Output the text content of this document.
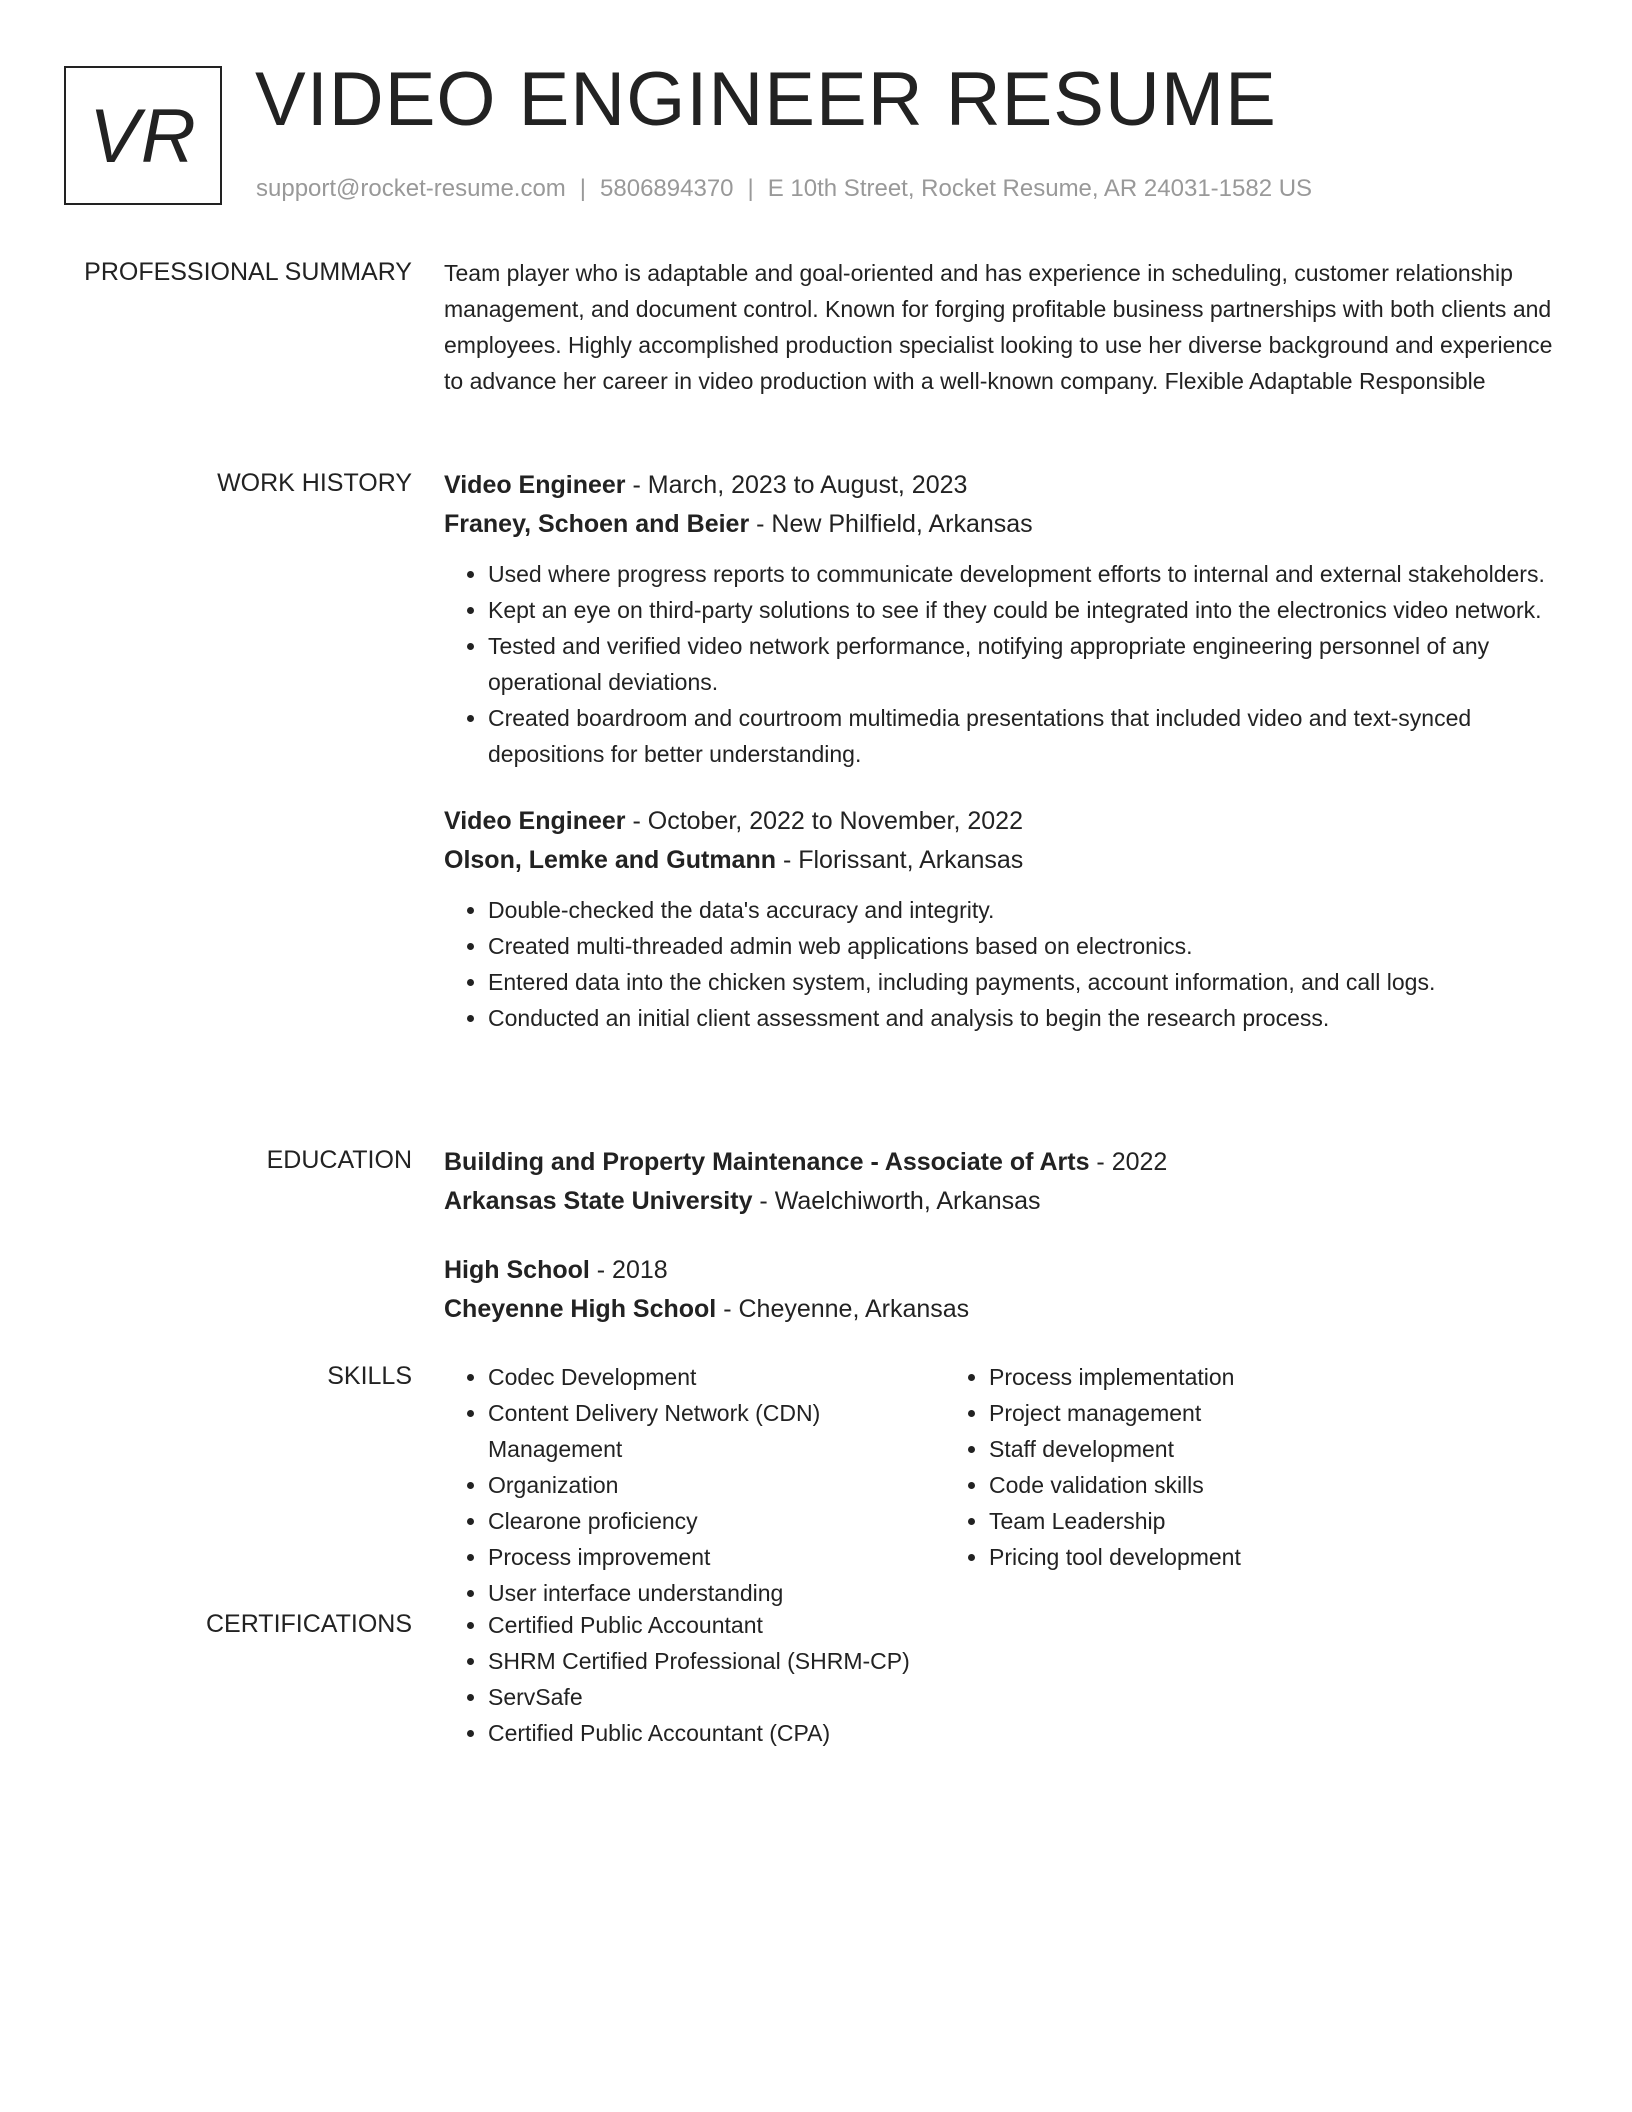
VR VIDEO ENGINEER RESUME
support@rocket-resume.com | 5806894370 | E 10th Street, Rocket Resume, AR 24031-1582 US
PROFESSIONAL SUMMARY Team player who is adaptable and goal-oriented and has experience in scheduling, customer relationship management, and document control. Known for forging profitable business partnerships with both clients and employees. Highly accomplished production specialist looking to use her diverse background and experience to advance her career in video production with a well-known company. Flexible Adaptable Responsible
WORK HISTORY Video Engineer - March, 2023 to August, 2023
Franey, Schoen and Beier - New Philfield, Arkansas
• Used where progress reports to communicate development efforts to internal and external stakeholders.
• Kept an eye on third-party solutions to see if they could be integrated into the electronics video network.
• Tested and verified video network performance, notifying appropriate engineering personnel of any operational deviations.
• Created boardroom and courtroom multimedia presentations that included video and text-synced depositions for better understanding.
Video Engineer - October, 2022 to November, 2022
Olson, Lemke and Gutmann - Florissant, Arkansas
• Double-checked the data's accuracy and integrity.
• Created multi-threaded admin web applications based on electronics.
• Entered data into the chicken system, including payments, account information, and call logs.
• Conducted an initial client assessment and analysis to begin the research process.
EDUCATION Building and Property Maintenance - Associate of Arts - 2022
Arkansas State University - Waelchiworth, Arkansas
High School - 2018
Cheyenne High School - Cheyenne, Arkansas
SKILLS	• Codec Development
• Content Delivery Network (CDN) Management
• Organization
• Clearone proficiency
• Process improvement
• User interface understanding
• Process implementation
• Project management
• Staff development
• Code validation skills
• Team Leadership
• Pricing tool development
CERTIFICATIONS	• Certified Public Accountant
• SHRM Certified Professional (SHRM-CP)
• ServSafe
• Certified Public Accountant (CPA)
